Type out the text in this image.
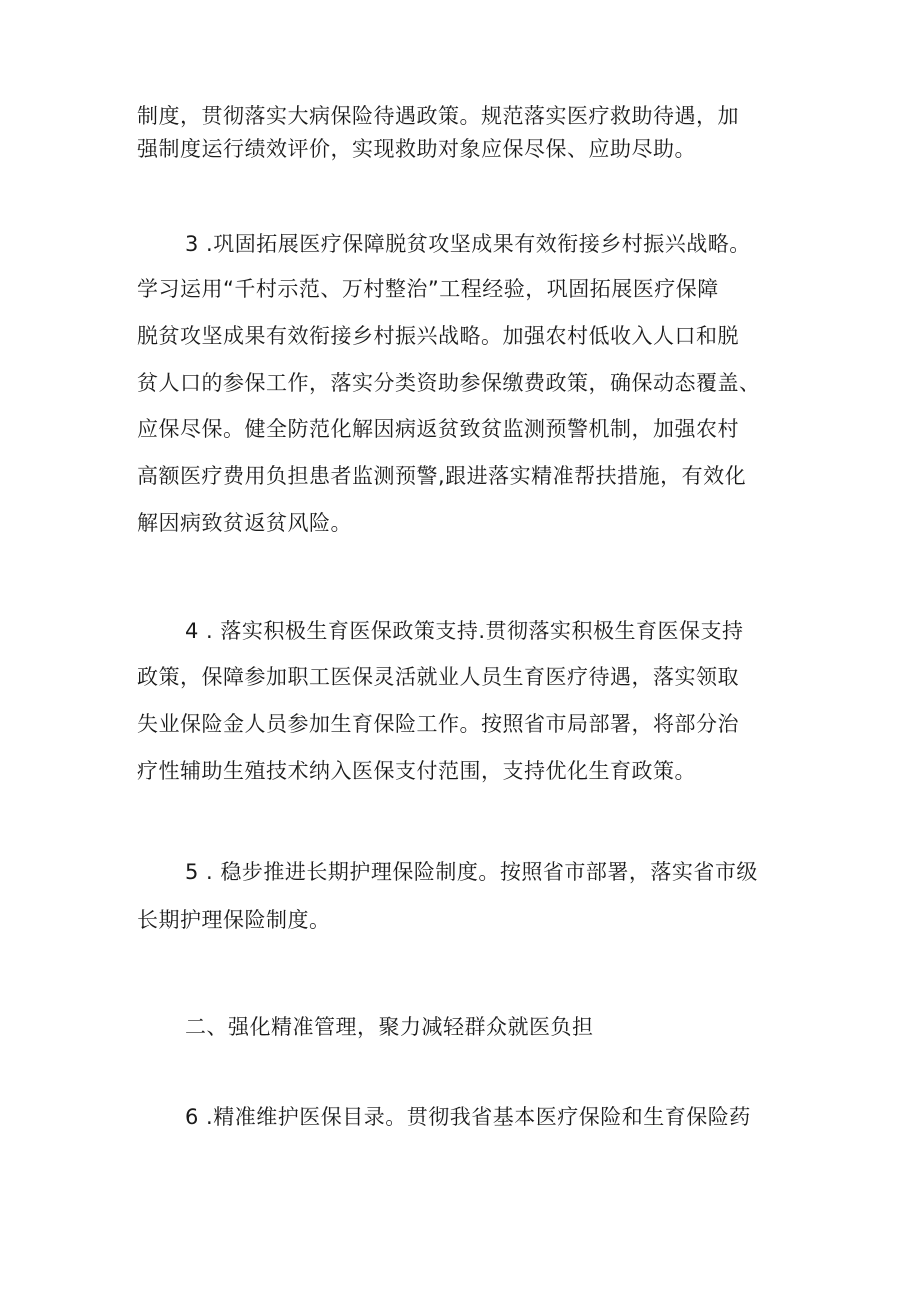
制度，贯彻落实大病保险待遇政策。规范落实医疗救助待遇，加
强制度运行绩效评价，实现救助对象应保尽保、应助尽助。
3 .巩固拓展医疗保障脱贫攻坚成果有效衔接乡村振兴战略。
学习运用“千村示范、万村整治”工程经验，巩固拓展医疗保障
脱贫攻坚成果有效衔接乡村振兴战略。加强农村低收入人口和脱
贫人口的参保工作，落实分类资助参保缴费政策，确保动态覆盖、
应保尽保。健全防范化解因病返贫致贫监测预警机制，加强农村
高额医疗费用负担患者监测预警,跟进落实精准帮扶措施，有效化
解因病致贫返贫风险。
4 . 落实积极生育医保政策支持.贯彻落实积极生育医保支持
政策，保障参加职工医保灵活就业人员生育医疗待遇，落实领取
失业保险金人员参加生育保险工作。按照省市局部署，将部分治
疗性辅助生殖技术纳入医保支付范围，支持优化生育政策。
5 . 稳步推进长期护理保险制度。按照省市部署，落实省市级
长期护理保险制度。
二、强化精准管理，聚力减轻群众就医负担
6 .精准维护医保目录。贯彻我省基本医疗保险和生育保险药
